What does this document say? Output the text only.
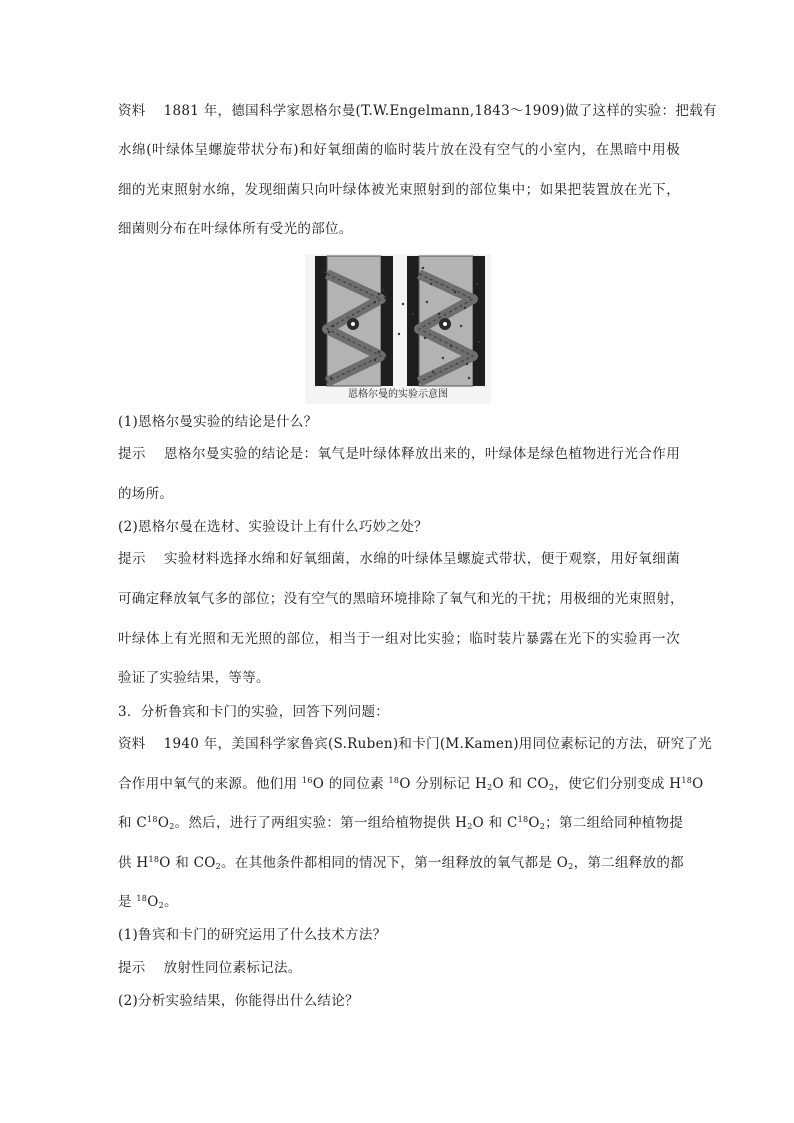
资料 1881 年，德国科学家恩格尔曼(T.W.Engelmann,1843～1909)做了这样的实验：把载有
水绵(叶绿体呈螺旋带状分布)和好氧细菌的临时装片放在没有空气的小室内，在黑暗中用极
细的光束照射水绵，发现细菌只向叶绿体被光束照射到的部位集中；如果把装置放在光下，
细菌则分布在叶绿体所有受光的部位。
恩格尔曼的实验示意图
(1)恩格尔曼实验的结论是什么？
提示 恩格尔曼实验的结论是：氧气是叶绿体释放出来的，叶绿体是绿色植物进行光合作用
的场所。
(2)恩格尔曼在选材、实验设计上有什么巧妙之处？
提示 实验材料选择水绵和好氧细菌，水绵的叶绿体呈螺旋式带状，便于观察，用好氧细菌
可确定释放氧气多的部位；没有空气的黑暗环境排除了氧气和光的干扰；用极细的光束照射，
叶绿体上有光照和无光照的部位，相当于一组对比实验；临时装片暴露在光下的实验再一次
验证了实验结果，等等。
3．分析鲁宾和卡门的实验，回答下列问题：
资料 1940 年，美国科学家鲁宾(S.Ruben)和卡门(M.Kamen)用同位素标记的方法，研究了光
合作用中氧气的来源。他们用 $^{16}$O 的同位素 $^{18}$O 分别标记 $H_2O$ 和 $CO_2$，使它们分别变成 $H^{18}O$
和 $C^{18}O_2$。然后，进行了两组实验：第一组给植物提供 $H_2O$ 和 $C^{18}O_2$；第二组给同种植物提
供 $H^{18}O$ 和 $CO_2$。在其他条件都相同的情况下，第一组释放的氧气都是 $O_2$，第二组释放的都
是 $^{18}O_2$。
(1)鲁宾和卡门的研究运用了什么技术方法？
提示 放射性同位素标记法。
(2)分析实验结果，你能得出什么结论？
